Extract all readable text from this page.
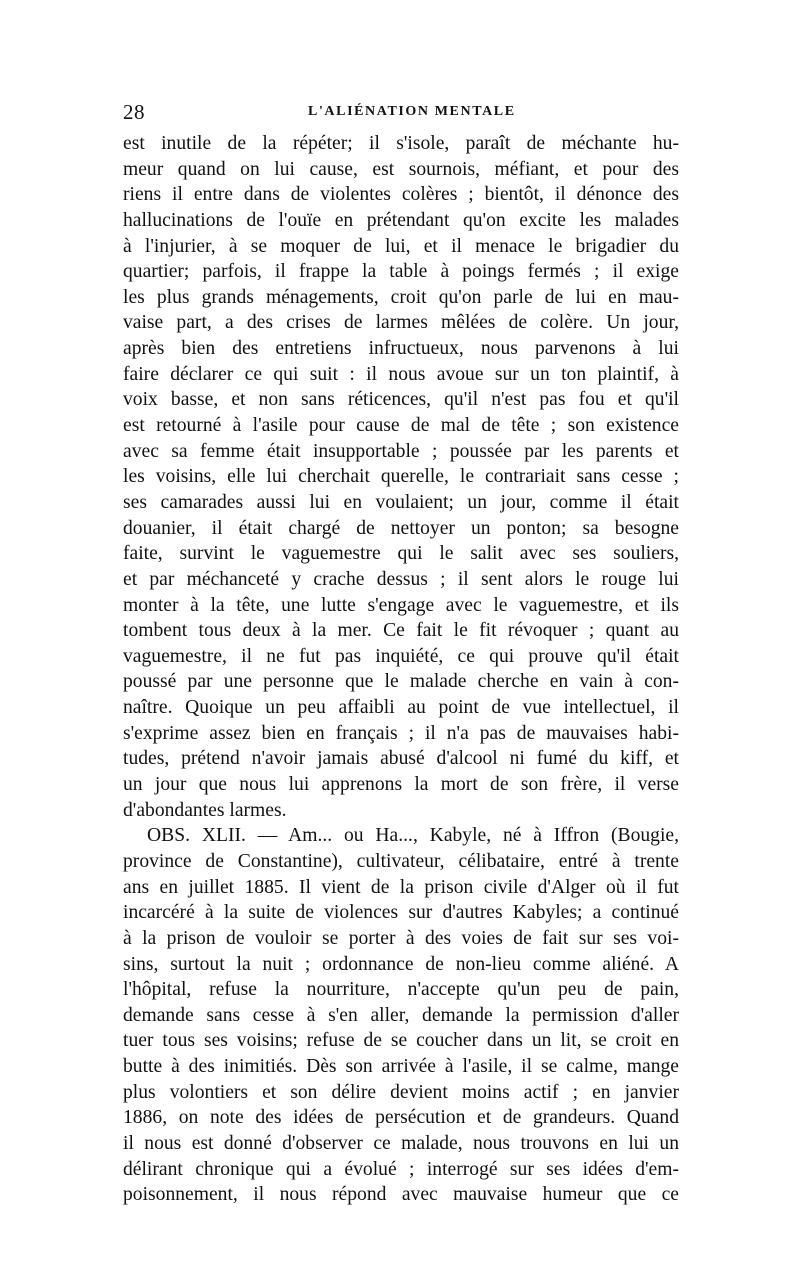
28	L'ALIÉNATION MENTALE
est inutile de la répéter; il s'isole, paraît de méchante hu-
meur quand on lui cause, est sournois, méfiant, et pour des
riens il entre dans de violentes colères ; bientôt, il dénonce des
hallucinations de l'ouïe en prétendant qu'on excite les malades
à l'injurier, à se moquer de lui, et il menace le brigadier du
quartier; parfois, il frappe la table à poings fermés ; il exige
les plus grands ménagements, croit qu'on parle de lui en mau-
vaise part, a des crises de larmes mêlées de colère. Un jour,
après bien des entretiens infructueux, nous parvenons à lui
faire déclarer ce qui suit : il nous avoue sur un ton plaintif, à
voix basse, et non sans réticences, qu'il n'est pas fou et qu'il
est retourné à l'asile pour cause de mal de tête ; son existence
avec sa femme était insupportable ; poussée par les parents et
les voisins, elle lui cherchait querelle, le contrariait sans cesse ;
ses camarades aussi lui en voulaient; un jour, comme il était
douanier, il était chargé de nettoyer un ponton; sa besogne
faite, survint le vaguemestre qui le salit avec ses souliers,
et par méchanceté y crache dessus ; il sent alors le rouge lui
monter à la tête, une lutte s'engage avec le vaguemestre, et ils
tombent tous deux à la mer. Ce fait le fit révoquer ; quant au
vaguemestre, il ne fut pas inquiété, ce qui prouve qu'il était
poussé par une personne que le malade cherche en vain à con-
naître. Quoique un peu affaibli au point de vue intellectuel, il
s'exprime assez bien en français ; il n'a pas de mauvaises habi-
tudes, prétend n'avoir jamais abusé d'alcool ni fumé du kiff, et
un jour que nous lui apprenons la mort de son frère, il verse
d'abondantes larmes.
OBS. XLII. — Am... ou Ha..., Kabyle, né à Iffron (Bougie,
province de Constantine), cultivateur, célibataire, entré à trente
ans en juillet 1885. Il vient de la prison civile d'Alger où il fut
incarcéré à la suite de violences sur d'autres Kabyles; a continué
à la prison de vouloir se porter à des voies de fait sur ses voi-
sins, surtout la nuit ; ordonnance de non-lieu comme aliéné. A
l'hôpital, refuse la nourriture, n'accepte qu'un peu de pain,
demande sans cesse à s'en aller, demande la permission d'aller
tuer tous ses voisins; refuse de se coucher dans un lit, se croit en
butte à des inimitiés. Dès son arrivée à l'asile, il se calme, mange
plus volontiers et son délire devient moins actif ; en janvier
1886, on note des idées de persécution et de grandeurs. Quand
il nous est donné d'observer ce malade, nous trouvons en lui un
délirant chronique qui a évolué ; interrogé sur ses idées d'em-
poisonnement, il nous répond avec mauvaise humeur que ce
